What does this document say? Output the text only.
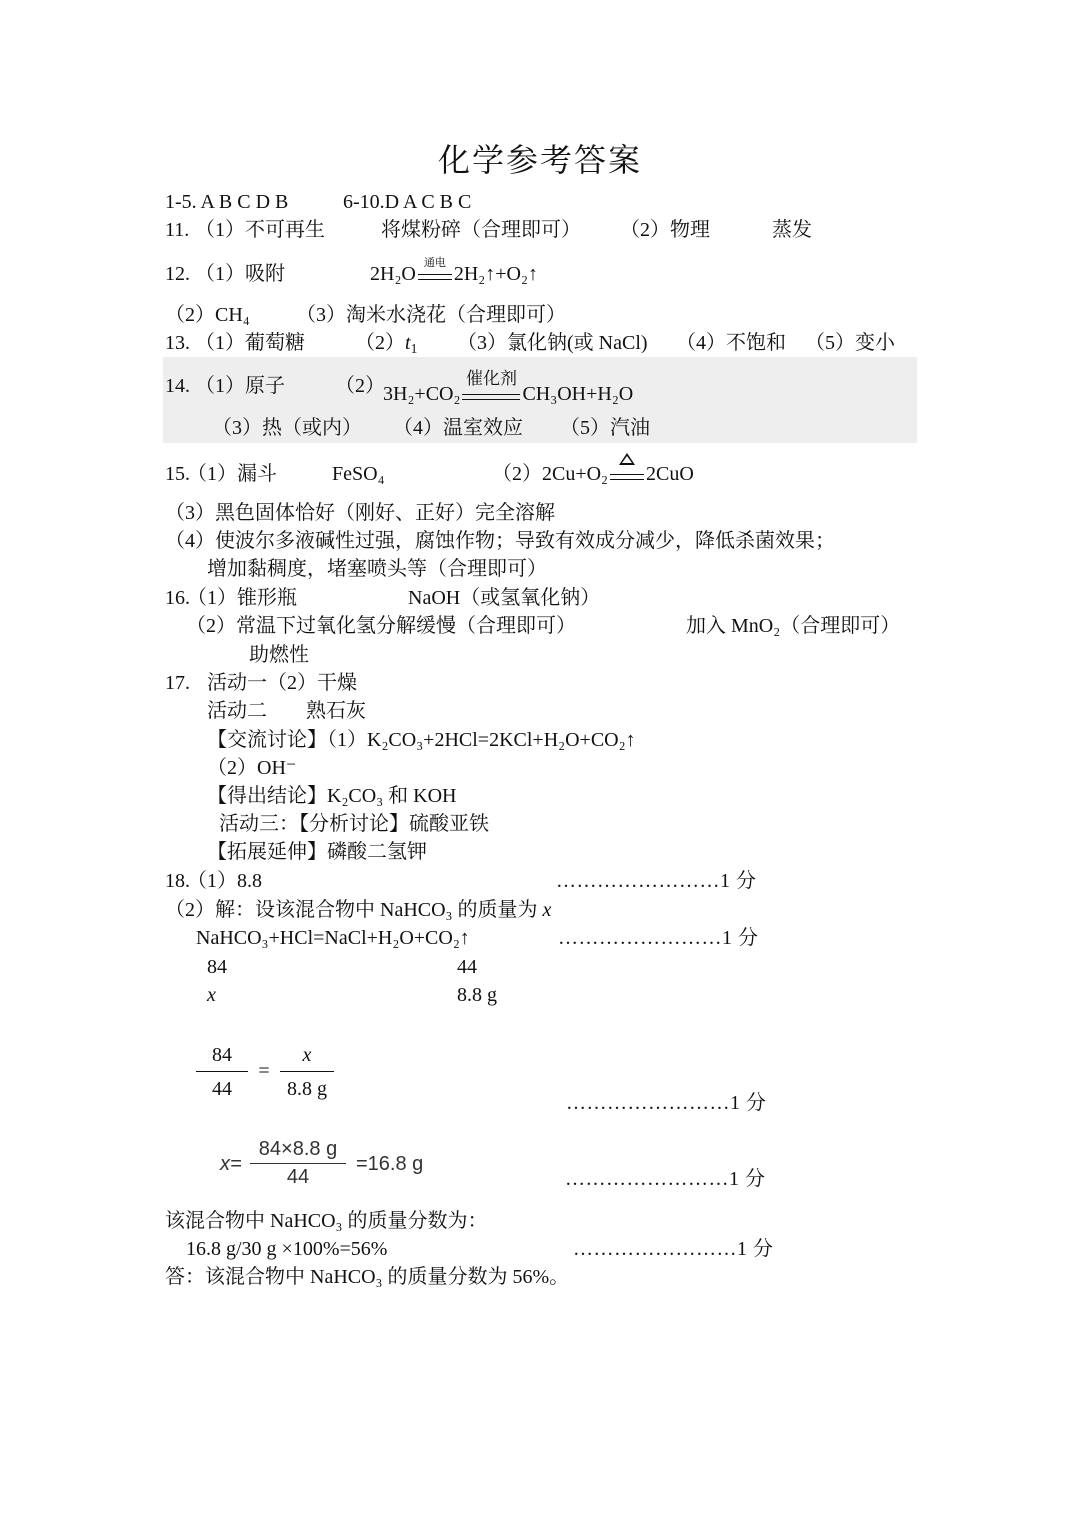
化学参考答案
1-5. A B C D B	6-10.D A C B C
11. （1）不可再生	将煤粉碎（合理即可） （2）物理	蒸发
12. （1）吸附	2H₂O
通电
2H₂↑+O₂↑
（2）CH₄ （3）淘米水浇花（合理即可）
13. （1）葡萄糖	$(2)t_1$ （3）氯化钠(或 NaCl) （4）不饱和 （5）变小
14. （1）原子	（2）
3H₂+CO₂
催化剂
CH₃OH+H₂O
（3）热（或内） （4）温室效应 （5）汽油
15.
（1）漏斗	FeSO₄	（2）2Cu+O₂ 2CuO
（3）黑色固体恰好（刚好、正好）完全溶解
（4）使波尔多液碱性过强，腐蚀作物；导致有效成分减少，降低杀菌效果；
增加黏稠度，堵塞喷头等（合理即可）
16.
（1）锥形瓶	NaOH（或氢氧化钠）
（2）常温下过氧化氢分解缓慢（合理即可）	加入 MnO₂（合理即可）
助燃性
17. 活动一（2）干燥
活动二 熟石灰
【交流讨论】（1）K₂CO₃+2HCl=2KCl+H₂O+CO₂↑
（2）OH⁻
【得出结论】K₂CO₃ 和 KOH
活动三：【分析讨论】硫酸亚铁
【拓展延伸】磷酸二氢钾
18.
（1）8.8	……………………1 分
（2）解：设该混合物中 NaHCO₃ 的质量为 x
NaHCO₃+HCl=NaCl+H₂O+CO₂↑	……………………1 分
84	44
x	8.8 g
84
44
=
x
8.8 g
……………………1 分
x=
84×8.8 g
44
=16.8 g
……………………1 分
该混合物中 NaHCO₃ 的质量分数为：
16.8 g/30 g ×100%=56%	……………………1 分
答：该混合物中 NaHCO₃ 的质量分数为 56%。
